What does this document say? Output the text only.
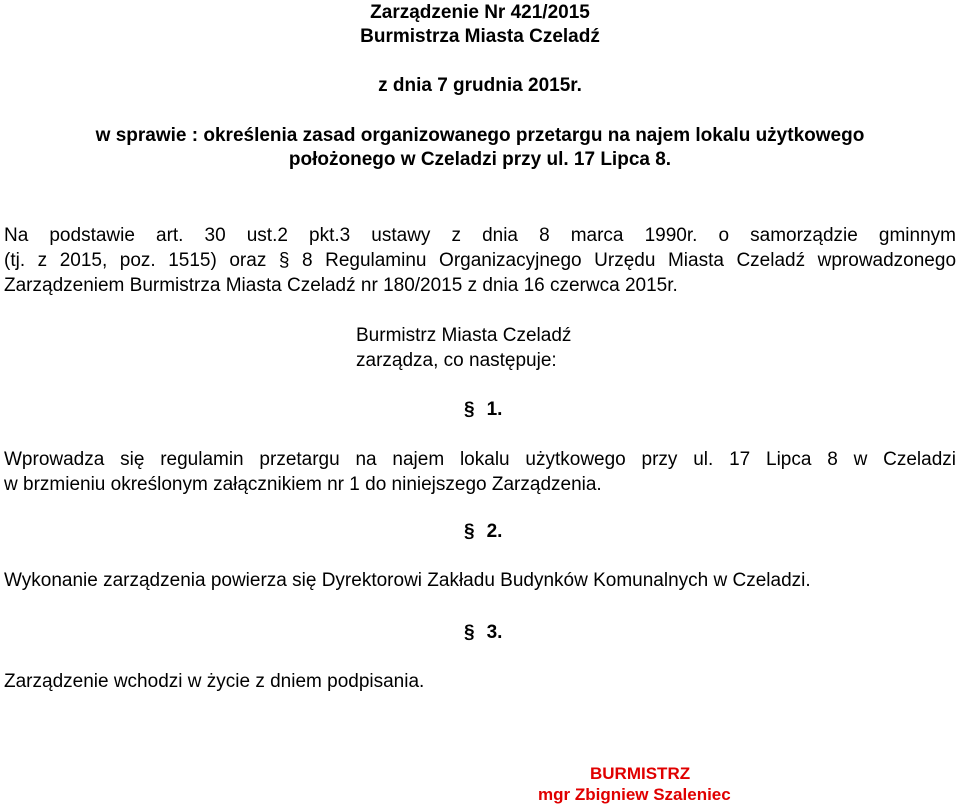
Zarządzenie Nr 421/2015
Burmistrza Miasta Czeladź
z dnia 7 grudnia 2015r.
w sprawie : określenia zasad organizowanego przetargu na najem lokalu użytkowego
położonego w Czeladzi przy ul. 17 Lipca 8.
Na podstawie art. 30 ust.2 pkt.3 ustawy z dnia 8 marca 1990r. o samorządzie gminnym
(tj. z 2015, poz. 1515) oraz § 8 Regulaminu Organizacyjnego Urzędu Miasta Czeladź wprowadzonego
Zarządzeniem Burmistrza Miasta Czeladź nr 180/2015 z dnia 16 czerwca 2015r.
Burmistrz Miasta Czeladź
zarządza, co następuje:
§ 1.
Wprowadza się regulamin przetargu na najem lokalu użytkowego przy ul. 17 Lipca 8 w Czeladzi
w brzmieniu określonym załącznikiem nr 1 do niniejszego Zarządzenia.
§ 2.
Wykonanie zarządzenia powierza się Dyrektorowi Zakładu Budynków Komunalnych w Czeladzi.
§ 3.
Zarządzenie wchodzi w życie z dniem podpisania.
BURMISTRZ
mgr Zbigniew Szaleniec
